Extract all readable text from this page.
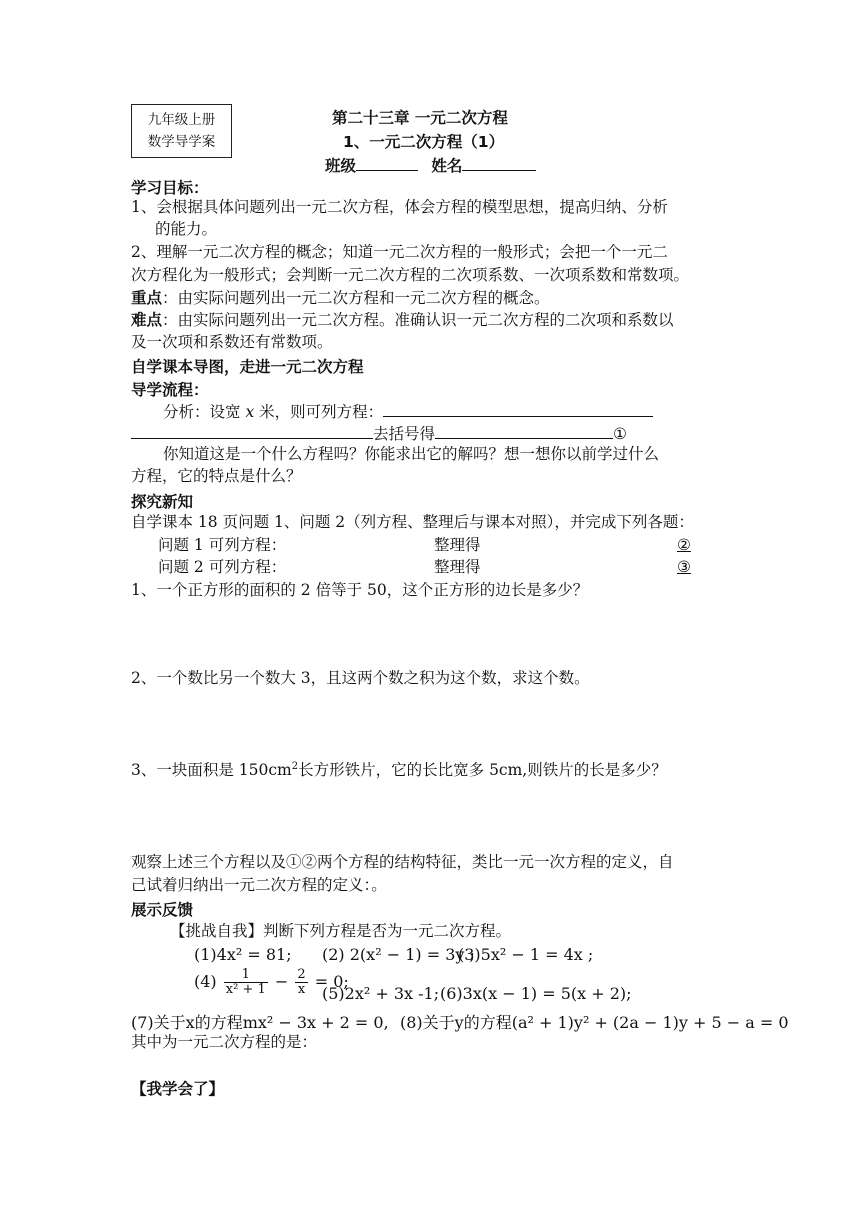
九年级上册
数学导学案
第二十三章 一元二次方程
1、一元二次方程（1）
班级	姓名
学习目标：
1、会根据具体问题列出一元二次方程，体会方程的模型思想，提高归纳、分析
的能力。
2、理解一元二次方程的概念；知道一元二次方程的一般形式；会把一个一元二
次方程化为一般形式；会判断一元二次方程的二次项系数、一次项系数和常数项。
重点：由实际问题列出一元二次方程和一元二次方程的概念。
难点：由实际问题列出一元二次方程。准确认识一元二次方程的二次项和系数以
及一次项和系数还有常数项。
自学课本导图，走进一元二次方程
导学流程：
分析：设宽 x 米，则可列方程：
去括号得	①
你知道这是一个什么方程吗？你能求出它的解吗？想一想你以前学过什么
方程，它的特点是什么？
探究新知
自学课本 18 页问题 1、问题 2（列方程、整理后与课本对照），并完成下列各题：
问题 1 可列方程：	整理得	②
问题 2 可列方程：	整理得	③
1、一个正方形的面积的 2 倍等于 50，这个正方形的边长是多少？
2、一个数比另一个数大 3，且这两个数之积为这个数，求这个数。
3、一块面积是 $150cm^2$长方形铁片，它的长比宽多 5cm,则铁片的长是多少？
观察上述三个方程以及①②两个方程的结构特征，类比一元一次方程的定义，自
己试着归纳出一元二次方程的定义：。
展示反馈
【挑战自我】判断下列方程是否为一元二次方程。
(1)4x² = 81; (2) 2(x² − 1) = 3y ;
(3)5x² − 1 = 4x ;
$(4) \frac{1}{\text{x² + 1}} - \frac{2}{x} = 0$;
(5)2x² + 3x -1; (6)3x(x − 1) = 5(x + 2);
(7)关于x的方程mx² − 3x + 2 = 0, (8)关于y的方程(a² + 1)y² + (2a − 1)y + 5 − a = 0
其中为一元二次方程的是：
【我学会了】
